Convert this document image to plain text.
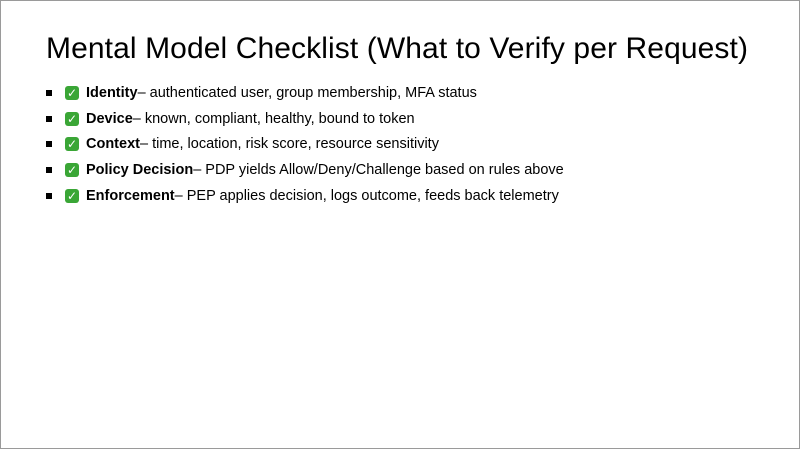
Mental Model Checklist (What to Verify per Request)
✓ Identity – authenticated user, group membership, MFA status
✓ Device – known, compliant, healthy, bound to token
✓ Context – time, location, risk score, resource sensitivity
✓ Policy Decision – PDP yields Allow/Deny/Challenge based on rules above
✓ Enforcement – PEP applies decision, logs outcome, feeds back telemetry
